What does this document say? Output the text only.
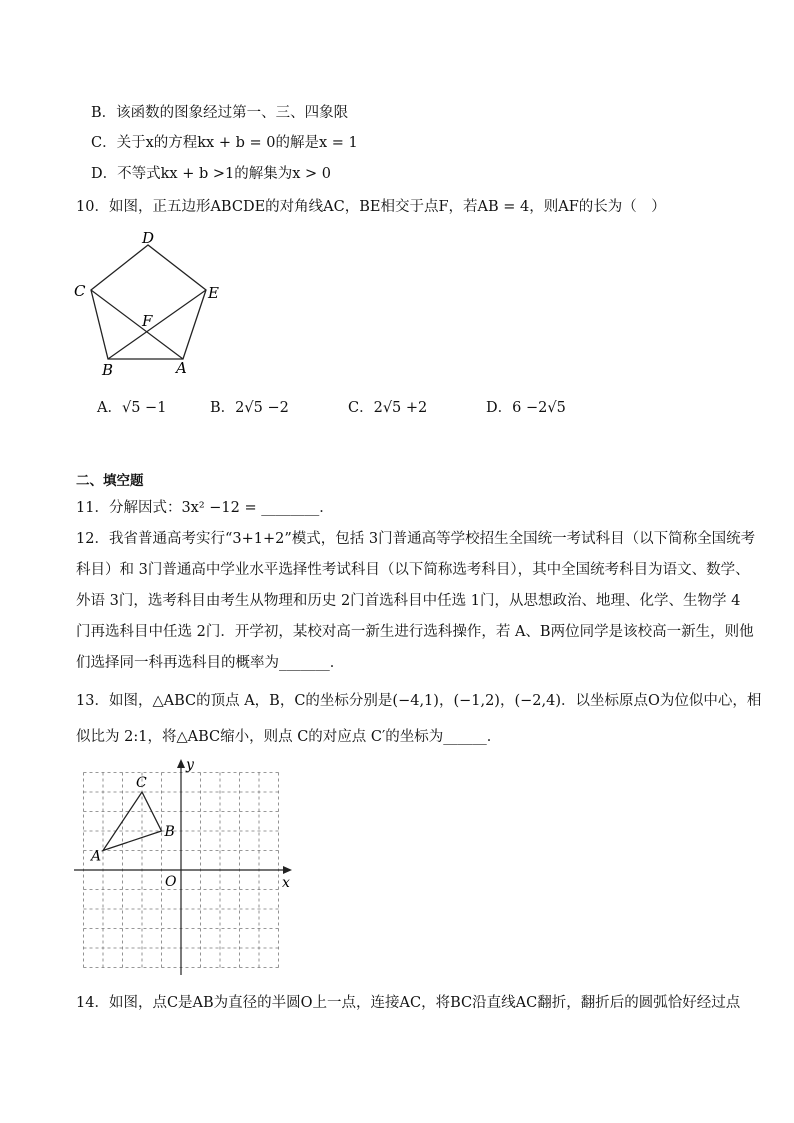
B．该函数的图象经过第一、三、四象限
C．关于x的方程kx + b = 0的解是x = 1
D．不等式kx + b >1的解集为x > 0
10．如图，正五边形ABCDE的对角线AC，BE相交于点F，若AB = 4，则AF的长为（　）
D
C	E
F
B	A
A．√5 −1	B．2√5 −2	C．2√5 +2	D．6 −2√5
二、填空题
11．分解因式：3x² −12 = ________．
12．我省普通高考实行“3+1+2”模式，包括 3门普通高等学校招生全国统一考试科目（以下简称全国统考
科目）和 3门普通高中学业水平选择性考试科目（以下简称选考科目），其中全国统考科目为语文、数学、
外语 3门，选考科目由考生从物理和历史 2门首选科目中任选 1门，从思想政治、地理、化学、生物学 4
门再选科目中任选 2门．开学初，某校对高一新生进行选科操作，若 A、B两位同学是该校高一新生，则他
们选择同一科再选科目的概率为_______．
13．如图，△ABC的顶点 A，B，C的坐标分别是(−4,1)，(−1,2)，(−2,4)．以坐标原点O为位似中心，相
似比为 2:1，将△ABC缩小，则点 C的对应点 C′的坐标为______．
A
B
C
O	x
y
14．如图，点C是AB为直径的半圆O上一点，连接AC，将BC沿直线AC翻折，翻折后的圆弧恰好经过点
